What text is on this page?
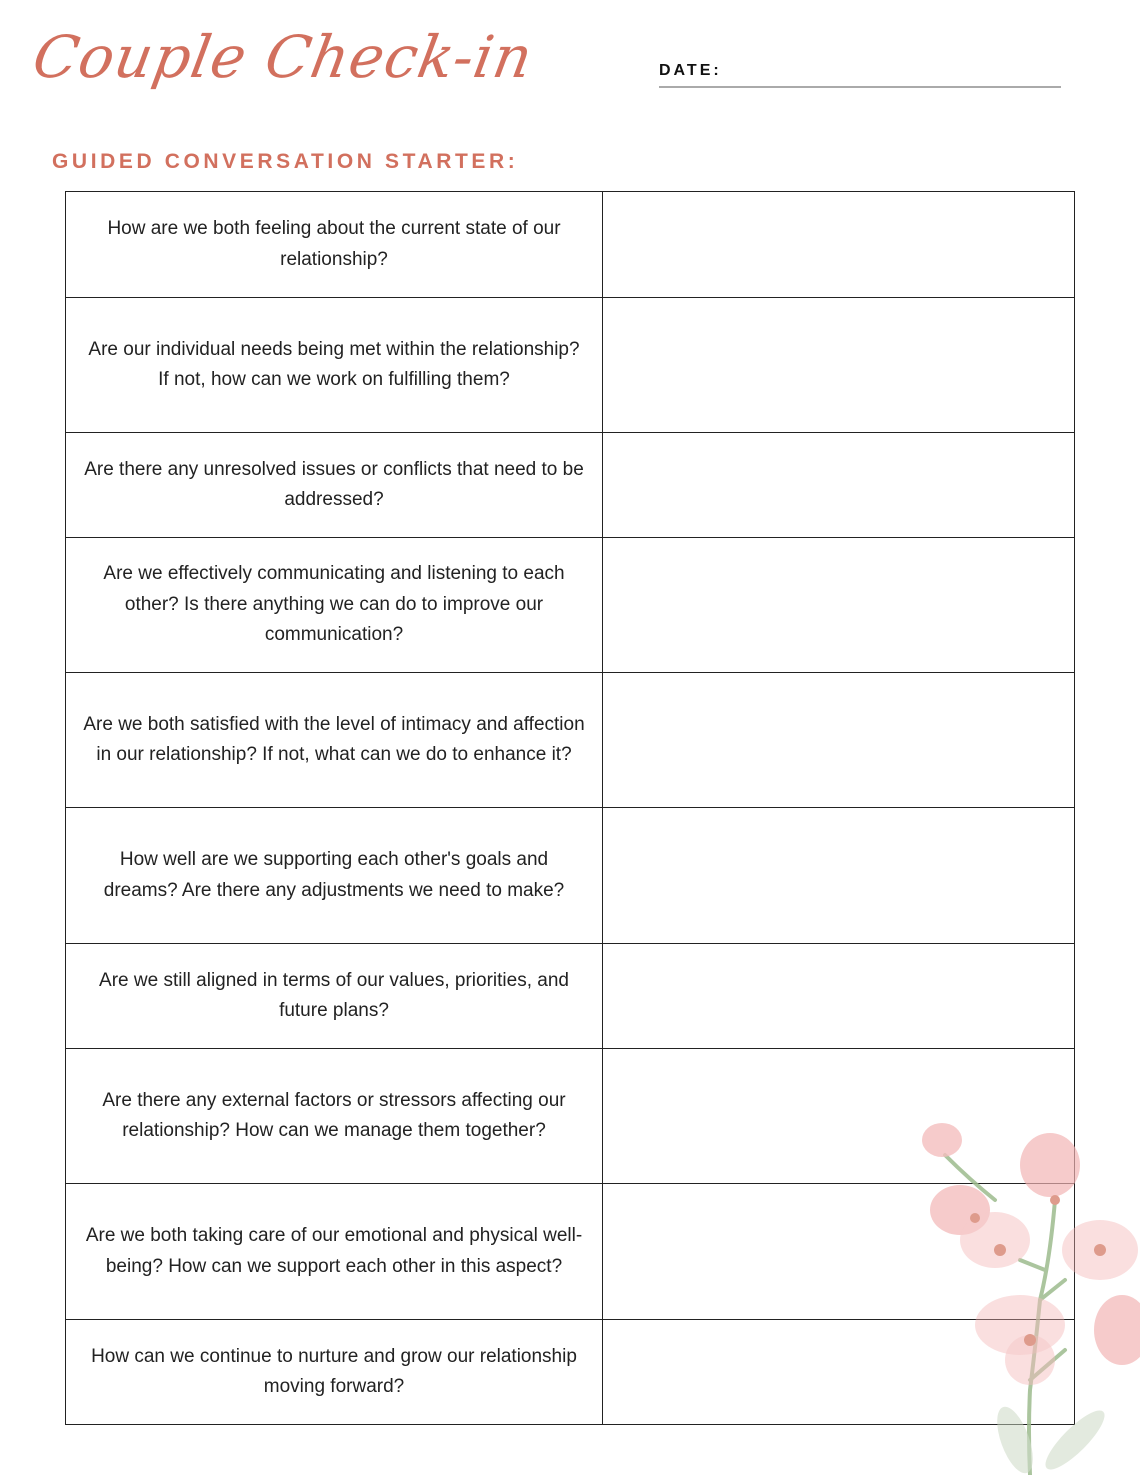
Couple Check-in	DATE:
GUIDED CONVERSATION STARTER:
How are we both feeling about the current state of our relationship?	
Are our individual needs being met within the relationship? If not, how can we work on fulfilling them?	
Are there any unresolved issues or conflicts that need to be addressed?	
Are we effectively communicating and listening to each other? Is there anything we can do to improve our communication?	
Are we both satisfied with the level of intimacy and affection in our relationship? If not, what can we do to enhance it?	
How well are we supporting each other's goals and dreams? Are there any adjustments we need to make?	
Are we still aligned in terms of our values, priorities, and future plans?	
Are there any external factors or stressors affecting our relationship? How can we manage them together?	
Are we both taking care of our emotional and physical well-being? How can we support each other in this aspect?	
How can we continue to nurture and grow our relationship moving forward?	
